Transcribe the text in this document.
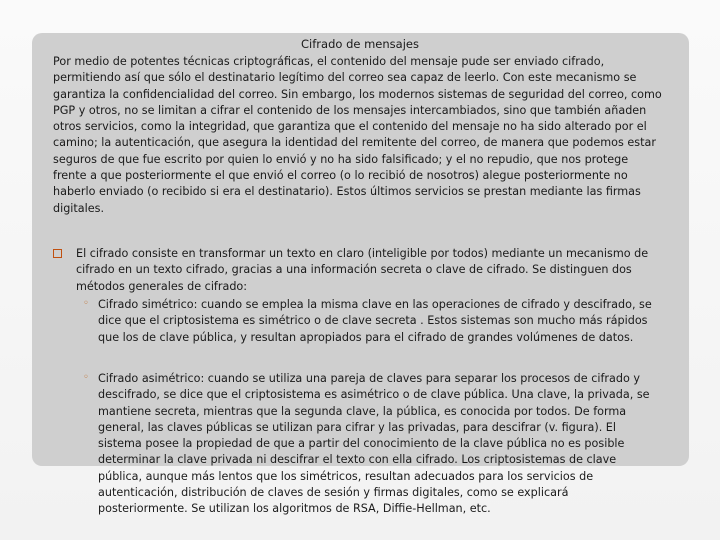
Cifrado de mensajes
Por medio de potentes técnicas criptográficas, el contenido del mensaje pude ser enviado cifrado, permitiendo así que sólo el destinatario legítimo del correo sea capaz de leerlo. Con este mecanismo se garantiza la confidencialidad del correo. Sin embargo, los modernos sistemas de seguridad del correo, como PGP y otros, no se limitan a cifrar el contenido de los mensajes intercambiados, sino que también añaden otros servicios, como la integridad, que garantiza que el contenido del mensaje no ha sido alterado por el camino; la autenticación, que asegura la identidad del remitente del correo, de manera que podemos estar seguros de que fue escrito por quien lo envió y no ha sido falsificado; y el no repudio, que nos protege frente a que posteriormente el que envió el correo (o lo recibió de nosotros) alegue posteriormente no haberlo enviado (o recibido si era el destinatario). Estos últimos servicios se prestan mediante las firmas digitales.
El cifrado consiste en transformar un texto en claro (inteligible por todos) mediante un mecanismo de cifrado en un texto cifrado, gracias a una información secreta o clave de cifrado. Se distinguen dos métodos generales de cifrado:
◦ Cifrado simétrico: cuando se emplea la misma clave en las operaciones de cifrado y descifrado, se dice que el criptosistema es simétrico o de clave secreta . Estos sistemas son mucho más rápidos que los de clave pública, y resultan apropiados para el cifrado de grandes volúmenes de datos.
◦ Cifrado asimétrico: cuando se utiliza una pareja de claves para separar los procesos de cifrado y descifrado, se dice que el criptosistema es asimétrico o de clave pública. Una clave, la privada, se mantiene secreta, mientras que la segunda clave, la pública, es conocida por todos. De forma general, las claves públicas se utilizan para cifrar y las privadas, para descifrar (v. figura). El sistema posee la propiedad de que a partir del conocimiento de la clave pública no es posible determinar la clave privada ni descifrar el texto con ella cifrado. Los criptosistemas de clave pública, aunque más lentos que los simétricos, resultan adecuados para los servicios de autenticación, distribución de claves de sesión y firmas digitales, como se explicará posteriormente. Se utilizan los algoritmos de RSA, Diffie-Hellman, etc.
